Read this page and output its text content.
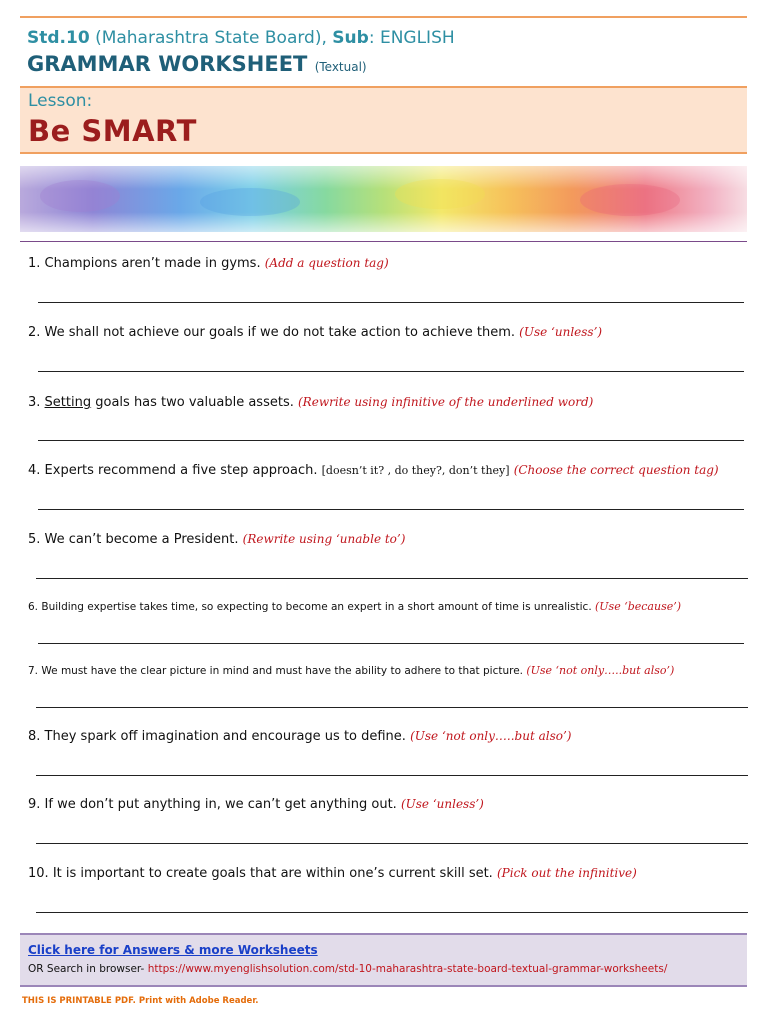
Std.10 (Maharashtra State Board), Sub: ENGLISH
GRAMMAR WORKSHEET (Textual)
Lesson:
Be SMART
1. Champions aren’t made in gyms. (Add a question tag)
2. We shall not achieve our goals if we do not take action to achieve them. (Use ‘unless’)
3. Setting goals has two valuable assets. (Rewrite using infinitive of the underlined word)
4. Experts recommend a five step approach. [doesn’t it? , do they?, don’t they] (Choose the correct question tag)
5. We can’t become a President. (Rewrite using ‘unable to’)
6. Building expertise takes time, so expecting to become an expert in a short amount of time is unrealistic. (Use ‘because’)
7. We must have the clear picture in mind and must have the ability to adhere to that picture. (Use ‘not only…..but also’)
8. They spark off imagination and encourage us to define. (Use ‘not only…..but also’)
9. If we don’t put anything in, we can’t get anything out. (Use ‘unless’)
10. It is important to create goals that are within one’s current skill set. (Pick out the infinitive)
Click here for Answers & more Worksheets
OR Search in browser- https://www.myenglishsolution.com/std-10-maharashtra-state-board-textual-grammar-worksheets/
THIS IS PRINTABLE PDF. Print with Adobe Reader.
